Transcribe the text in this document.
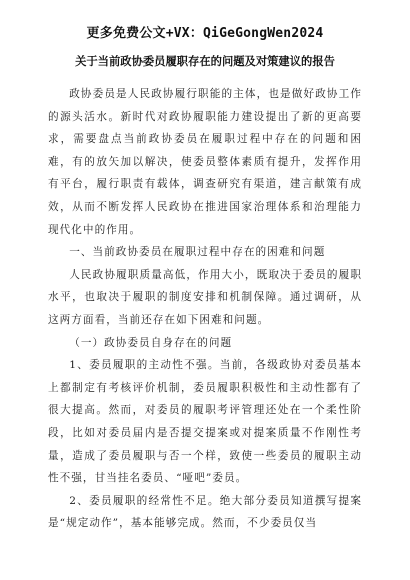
更多免费公文+VX：QiGeGongWen2024
关于当前政协委员履职存在的问题及对策建议的报告

政协委员是人民政协履行职能的主体，也是做好政协工作的源头活水。新时代对政协履职能力建设提出了新的更高要求，需要盘点当前政协委员在履职过程中存在的问题和困难，有的放矢加以解决，使委员整体素质有提升，发挥作用有平台，履行职责有载体，调查研究有渠道，建言献策有成效，从而不断发挥人民政协在推进国家治理体系和治理能力现代化中的作用。

一、当前政协委员在履职过程中存在的困难和问题

人民政协履职质量高低，作用大小，既取决于委员的履职水平，也取决于履职的制度安排和机制保障。通过调研，从这两方面看，当前还存在如下困难和问题。

（一）政协委员自身存在的问题

1、委员履职的主动性不强。当前，各级政协对委员基本上都制定有考核评价机制，委员履职积极性和主动性都有了很大提高。然而，对委员的履职考评管理还处在一个柔性阶段，比如对委员届内是否提交提案或对提案质量不作刚性考量，造成了委员履职与否一个样，致使一些委员的履职主动性不强，甘当挂名委员、“哑吧”委员。

2、委员履职的经常性不足。绝大部分委员知道撰写提案是“规定动作”，基本能够完成。然而，不少委员仅当
